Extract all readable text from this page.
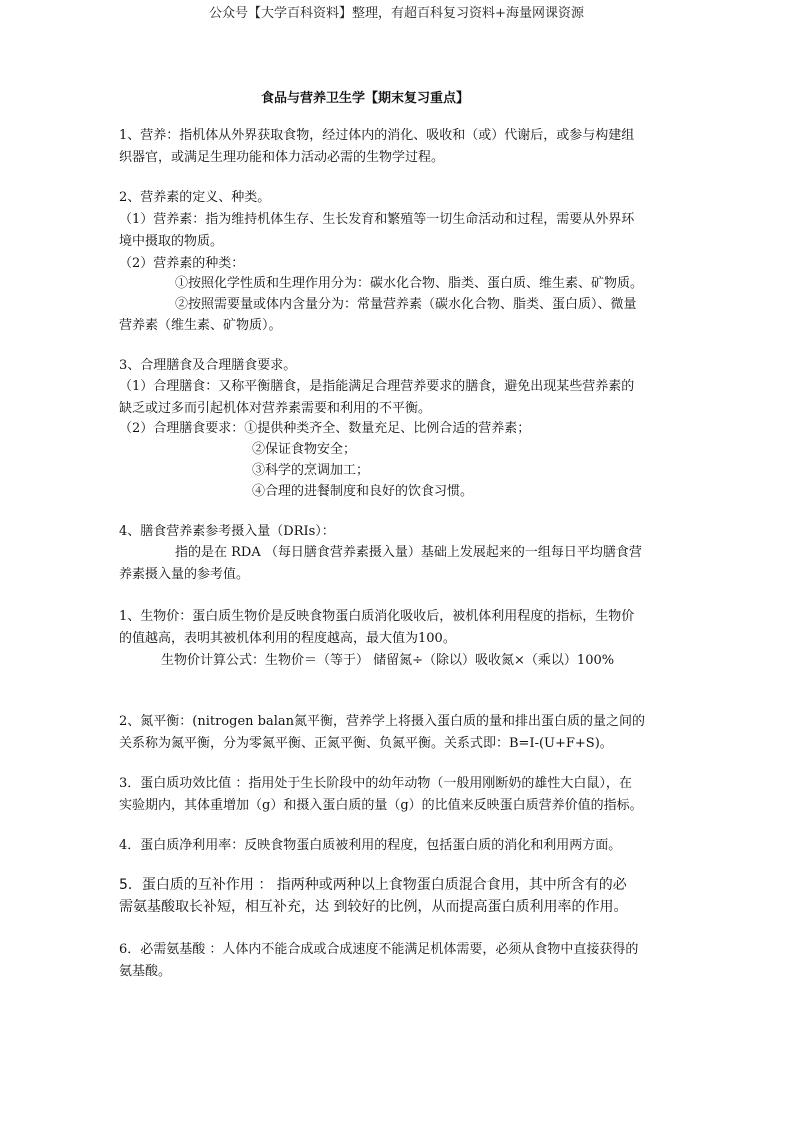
公众号【大学百科资料】整理，有超百科复习资料+海量网课资源
食品与营养卫生学【期末复习重点】
1、营养：指机体从外界获取食物，经过体内的消化、吸收和（或）代谢后，或参与构建组
织器官，或满足生理功能和体力活动必需的生物学过程。
2、营养素的定义、种类。
（1）营养素：指为维持机体生存、生长发育和繁殖等一切生命活动和过程，需要从外界环
境中摄取的物质。
（2）营养素的种类：
①按照化学性质和生理作用分为：碳水化合物、脂类、蛋白质、维生素、矿物质。
②按照需要量或体内含量分为：常量营养素（碳水化合物、脂类、蛋白质）、微量
营养素（维生素、矿物质）。
3、合理膳食及合理膳食要求。
（1）合理膳食：又称平衡膳食，是指能满足合理营养要求的膳食，避免出现某些营养素的
缺乏或过多而引起机体对营养素需要和利用的不平衡。
（2）合理膳食要求：①提供种类齐全、数量充足、比例合适的营养素；
②保证食物安全；
③科学的烹调加工；
④合理的进餐制度和良好的饮食习惯。
4、膳食营养素参考摄入量（DRIs）：
指的是在 RDA （每日膳食营养素摄入量）基础上发展起来的一组每日平均膳食营
养素摄入量的参考值。
1、生物价：蛋白质生物价是反映食物蛋白质消化吸收后，被机体利用程度的指标，生物价
的值越高，表明其被机体利用的程度越高，最大值为100。
生物价计算公式：生物价＝（等于） 储留氮÷（除以）吸收氮×（乘以）100%
2、氮平衡：(nitrogen balan氮平衡，营养学上将摄入蛋白质的量和排出蛋白质的量之间的
关系称为氮平衡，分为零氮平衡、正氮平衡、负氮平衡。关系式即：B=I-(U+F+S)。
3．蛋白质功效比值 ：指用处于生长阶段中的幼年动物（一般用刚断奶的雄性大白鼠），在
实验期内，其体重增加（g）和摄入蛋白质的量（g）的比值来反映蛋白质营养价值的指标。
4．蛋白质净利用率：反映食物蛋白质被利用的程度，包括蛋白质的消化和利用两方面。
5．蛋白质的互补作用 ： 指两种或两种以上食物蛋白质混合食用，其中所含有的必
需氨基酸取长补短，相互补充，达 到较好的比例，从而提高蛋白质利用率的作用。
6．必需氨基酸 ：人体内不能合成或合成速度不能满足机体需要，必须从食物中直接获得的
氨基酸。
